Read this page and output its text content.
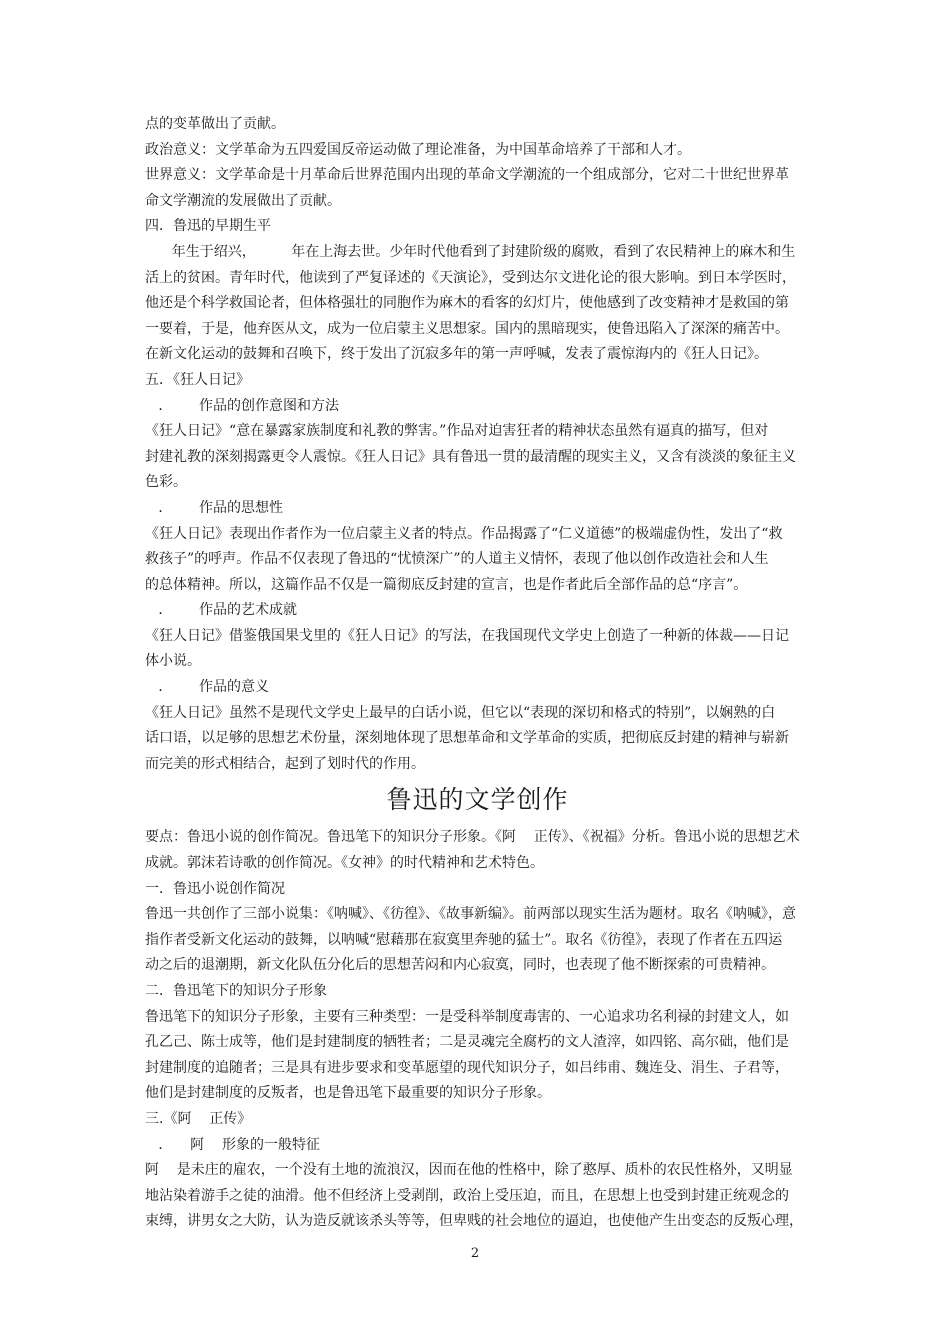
点的变革做出了贡献。

政治意义：文学革命为五四爱国反帝运动做了理论准备，为中国革命培养了干部和人才。

世界意义：文学革命是十月革命后世界范围内出现的革命文学潮流的一个组成部分，它对二十世纪世界革

命文学潮流的发展做出了贡献。

四．鲁迅的早期生平

年生于绍兴，        年在上海去世。少年时代他看到了封建阶级的腐败，看到了农民精神上的麻木和生

活上的贫困。青年时代，他读到了严复译述的《天演论》，受到达尔文进化论的很大影响。到日本学医时，

他还是个科学救国论者，但体格强壮的同胞作为麻木的看客的幻灯片，使他感到了改变精神才是救国的第

一要着，于是，他弃医从文，成为一位启蒙主义思想家。国内的黑暗现实，使鲁迅陷入了深深的痛苦中。

在新文化运动的鼓舞和召唤下，终于发出了沉寂多年的第一声呼喊，发表了震惊海内的《狂人日记》。

五．《狂人日记》

．      作品的创作意图和方法

《狂人日记》“意在暴露家族制度和礼教的弊害。”作品对迫害狂者的精神状态虽然有逼真的描写，但对

封建礼教的深刻揭露更令人震惊。《狂人日记》具有鲁迅一贯的最清醒的现实主义，又含有淡淡的象征主义

色彩。

．      作品的思想性

《狂人日记》表现出作者作为一位启蒙主义者的特点。作品揭露了“仁义道德”的极端虚伪性，发出了“救

救孩子”的呼声。作品不仅表现了鲁迅的“忧愤深广”的人道主义情怀，表现了他以创作改造社会和人生

的总体精神。所以，这篇作品不仅是一篇彻底反封建的宣言，也是作者此后全部作品的总“序言”。

．      作品的艺术成就

《狂人日记》借鉴俄国果戈里的《狂人日记》的写法，在我国现代文学史上创造了一种新的体裁——日记

体小说。

．      作品的意义

《狂人日记》虽然不是现代文学史上最早的白话小说，但它以“表现的深切和格式的特别”，以娴熟的白

话口语，以足够的思想艺术份量，深刻地体现了思想革命和文学革命的实质，把彻底反封建的精神与崭新

而完美的形式相结合，起到了划时代的作用。

鲁迅的文学创作

要点：鲁迅小说的创作简况。鲁迅笔下的知识分子形象。《阿    正传》、《祝福》分析。鲁迅小说的思想艺术

成就。郭沫若诗歌的创作简况。《女神》的时代精神和艺术特色。

一．鲁迅小说创作简况

鲁迅一共创作了三部小说集：《呐喊》、《彷徨》、《故事新编》。前两部以现实生活为题材。取名《呐喊》，意

指作者受新文化运动的鼓舞，以呐喊“慰藉那在寂寞里奔驰的猛士”。取名《彷徨》，表现了作者在五四运

动之后的退潮期，新文化队伍分化后的思想苦闷和内心寂寞，同时，也表现了他不断探索的可贵精神。

二．鲁迅笔下的知识分子形象

鲁迅笔下的知识分子形象，主要有三种类型：一是受科举制度毒害的、一心追求功名利禄的封建文人，如

孔乙己、陈士成等，他们是封建制度的牺牲者；二是灵魂完全腐朽的文人渣滓，如四铭、高尔础，他们是

封建制度的追随者；三是具有进步要求和变革愿望的现代知识分子，如吕纬甫、魏连殳、涓生、子君等，

他们是封建制度的反叛者，也是鲁迅笔下最重要的知识分子形象。

三.《阿    正传》

．    阿    形象的一般特征

阿    是未庄的雇农，一个没有土地的流浪汉，因而在他的性格中，除了憨厚、质朴的农民性格外，又明显

地沾染着游手之徒的油滑。他不但经济上受剥削，政治上受压迫，而且，在思想上也受到封建正统观念的

束缚，讲男女之大防，认为造反就该杀头等等，但卑贱的社会地位的逼迫，也使他产生出变态的反叛心理，

2
